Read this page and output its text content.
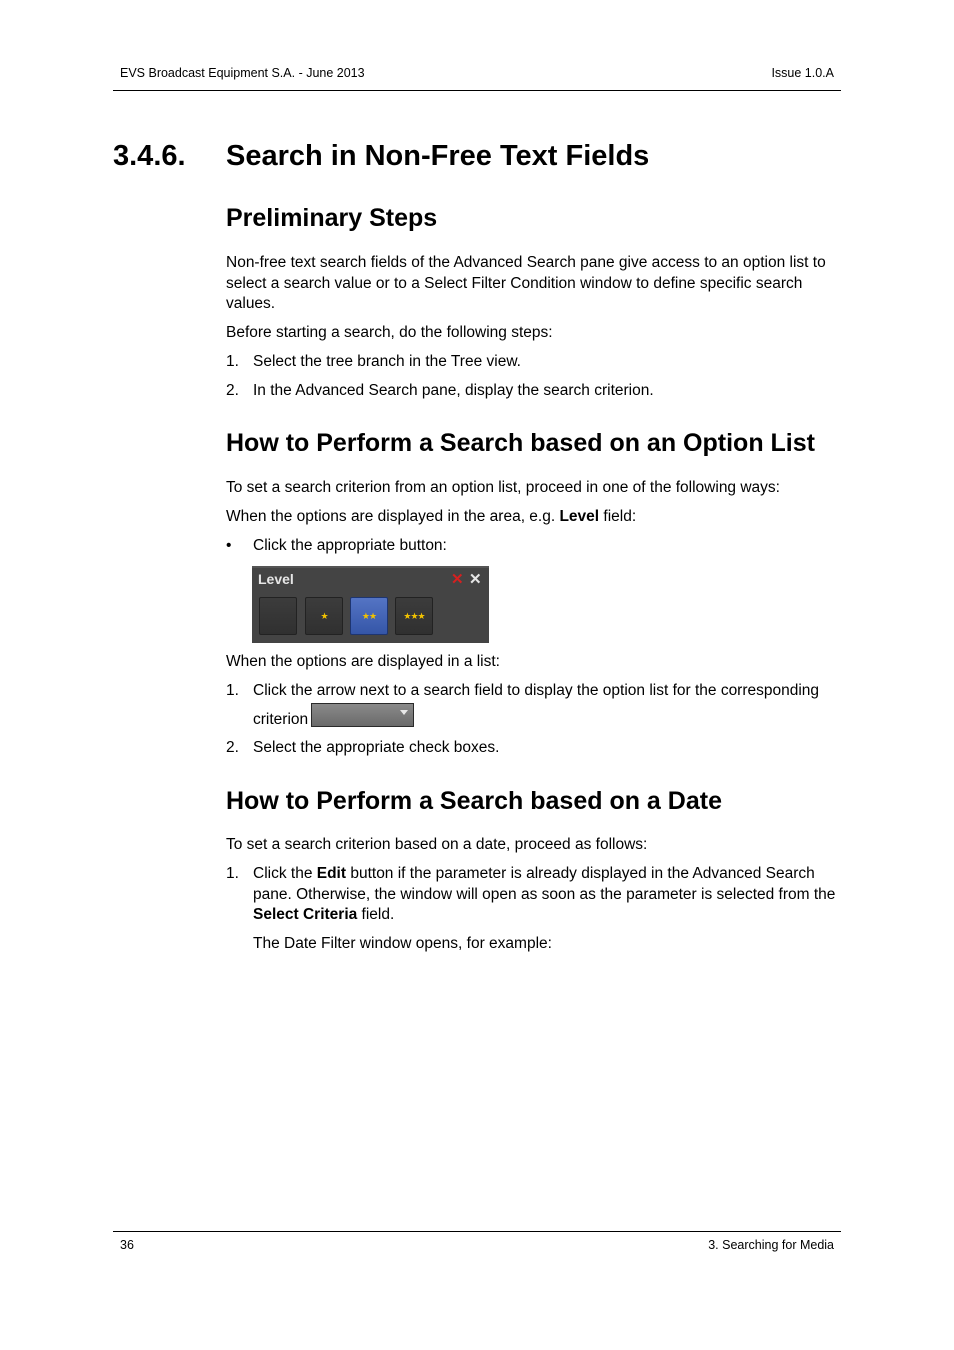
EVS Broadcast Equipment S.A. - June 2013	Issue 1.0.A
3.4.6. Search in Non-Free Text Fields
Preliminary Steps
Non-free text search fields of the Advanced Search pane give access to an option list to select a search value or to a Select Filter Condition window to define specific search values.
Before starting a search, do the following steps:
1. Select the tree branch in the Tree view.
2. In the Advanced Search pane, display the search criterion.
How to Perform a Search based on an Option List
To set a search criterion from an option list, proceed in one of the following ways:
When the options are displayed in the area, e.g. Level field:
• Click the appropriate button:
Level	✕ ✕
★	★★	★★★
When the options are displayed in a list:
1. Click the arrow next to a search field to display the option list for the corresponding
criterion
2. Select the appropriate check boxes.
How to Perform a Search based on a Date
To set a search criterion based on a date, proceed as follows:
1. Click the Edit button if the parameter is already displayed in the Advanced Search pane. Otherwise, the window will open as soon as the parameter is selected from the Select Criteria field.
The Date Filter window opens, for example:
36	3. Searching for Media
